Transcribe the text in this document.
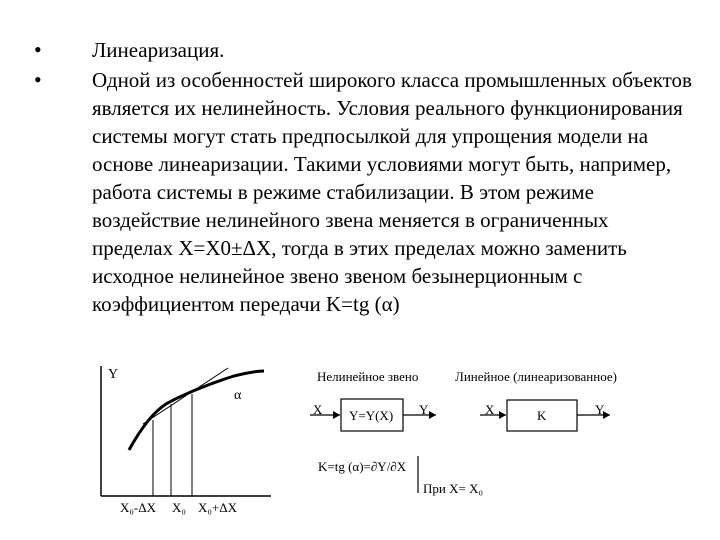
• Линеаризация.
• Одной из особенностей широкого класса промышленных объектов является их нелинейность. Условия реального функционирования системы могут стать предпосылкой для упрощения модели на основе линеаризации. Такими условиями могут быть, например, работа системы в режиме стабилизации. В этом режиме воздействие нелинейного звена меняется в ограниченных пределах X=X0±ΔX, тогда в этих пределах можно заменить исходное нелинейное звено звеном безынерционным с коэффициентом передачи K=tg (α)
Y
α
X₀-ΔX X₀ X₀+ΔX
Нелинейное звено
X Y=Y(X) Y
Линейное (линеаризованное)
X	K	Y
K=tg (α)=∂Y/∂X
При X= X₀
